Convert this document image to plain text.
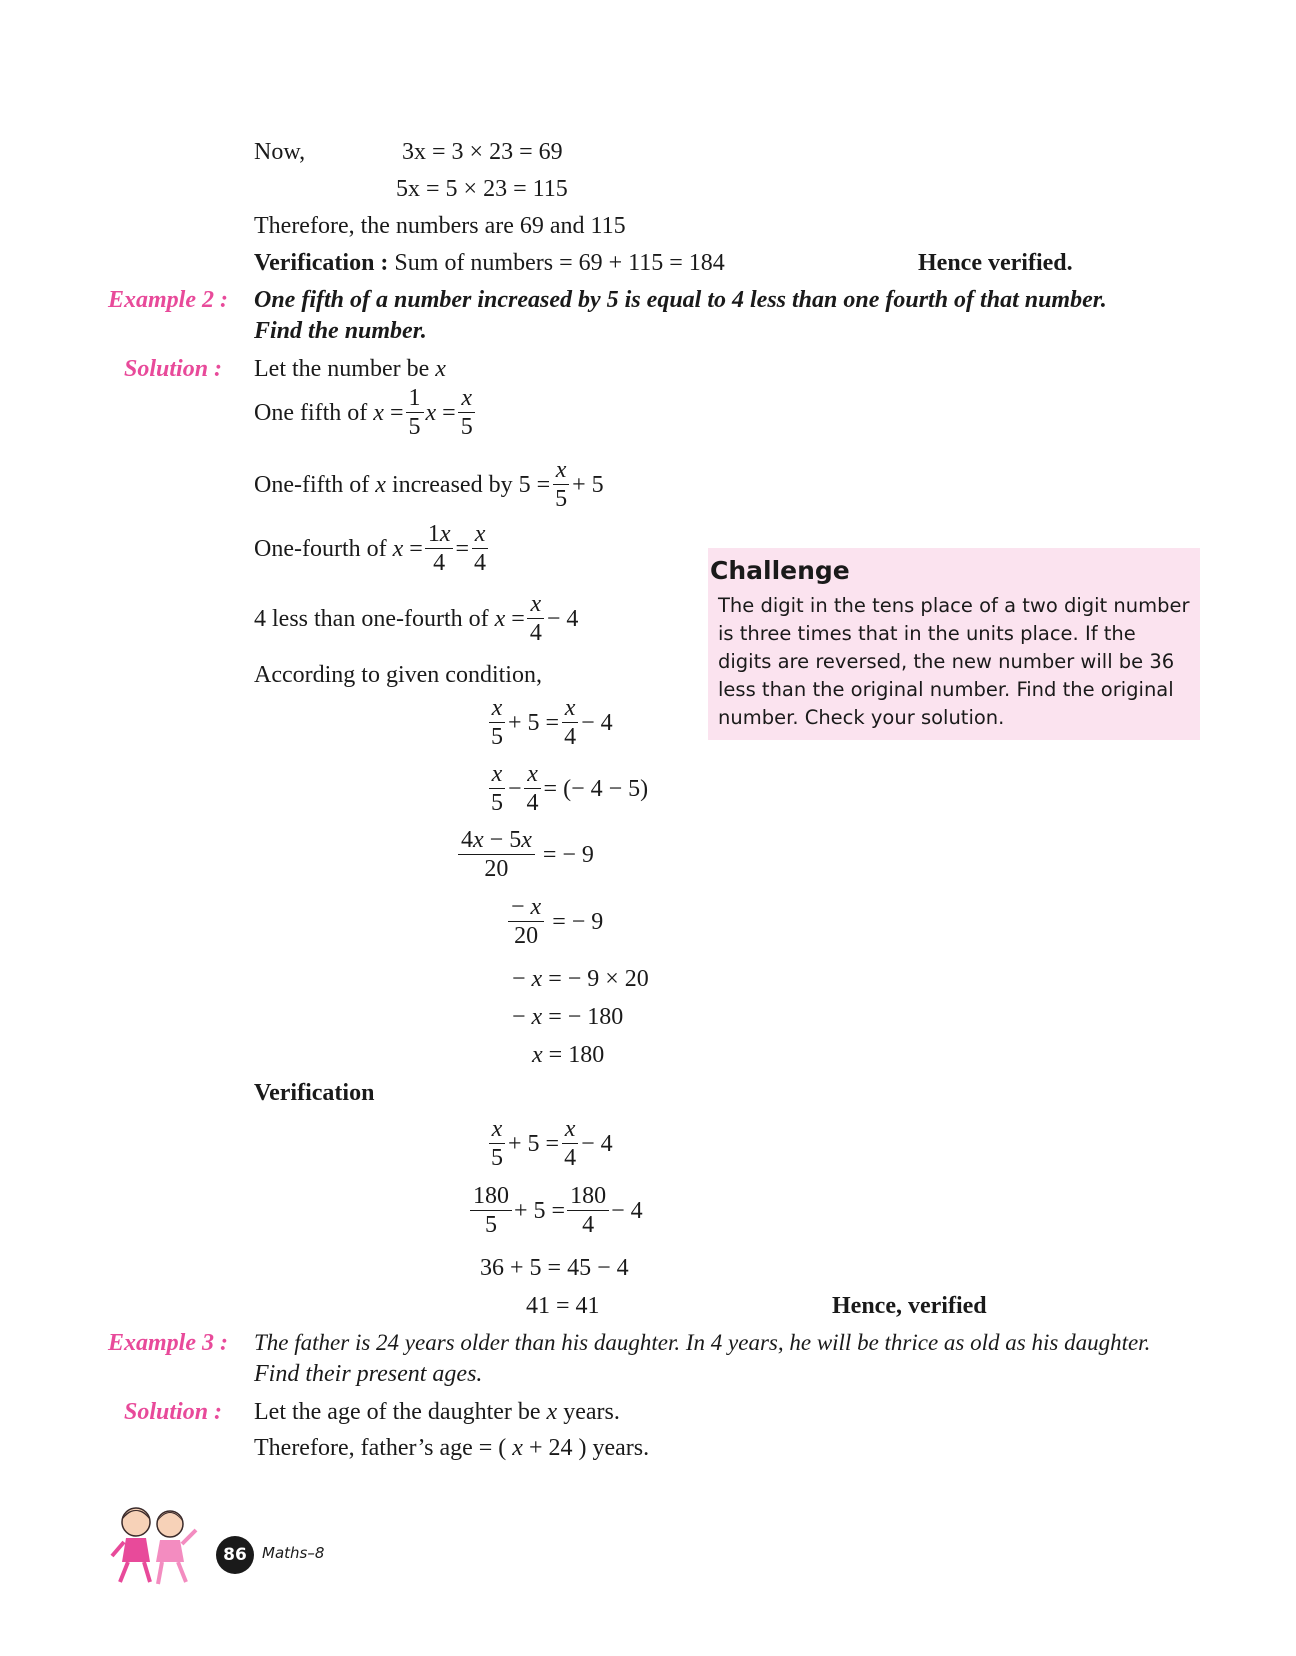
Now,	3x = 3 × 23 = 69
5x = 5 × 23 = 115
Therefore, the numbers are 69 and 115
Verification : Sum of numbers = 69 + 115 = 184	Hence verified.
Example 2 : One fifth of a number increased by 5 is equal to 4 less than one fourth of that number.
Find the number.
Solution : Let the number be x
One fifth of
x =
1
5
x =
x
5
One-fifth of
x
increased by $5 = \frac{x}{5} + 5$
One-fourth of
x =
1x
4
=
x
4
4 less than one-fourth of
x =
x
4
− 4
According to given condition,
x
5
+ 5 =
x
4
− 4
x
5
−
x
4
= (− 4 − 5)
4x − 5x
20
= − 9
− x
20
= − 9
− x = − 9 × 20
− x = − 180
x = 180
Verification
x
5
+ 5 =
x
4
− 4
180
5
+ 5 =
180
4
− 4
36 + 5 = 45 − 4
41 = 41	Hence, verified
Example 3 : The father is 24 years older than his daughter. In 4 years, he will be thrice as old as his daughter.
Find their present ages.
Solution : Let the age of the daughter be x years.
Therefore, father’s age = ( x + 24 ) years.
Challenge

The digit in the tens place of a two digit number is three times that in the units place. If the digits are reversed, the new number will be 36 less than the original number. Find the original number. Check your solution.

86	Maths–8
